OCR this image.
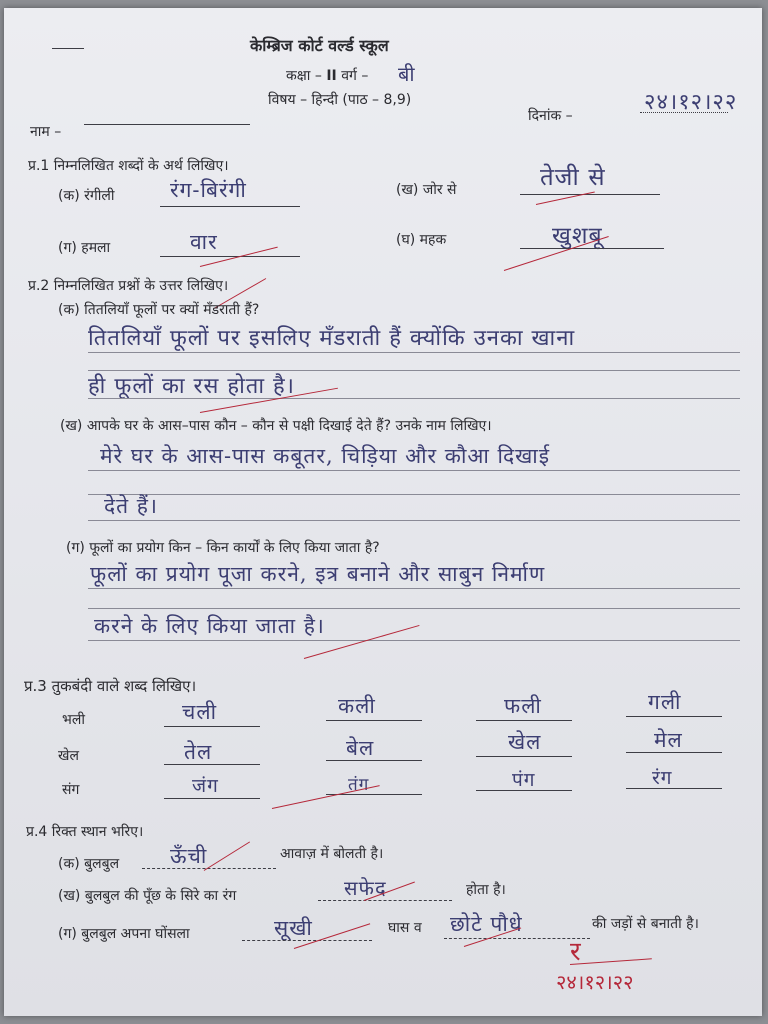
केम्ब्रिज कोर्ट वर्ल्ड स्कूल
कक्षा – II वर्ग – बी
विषय – हिन्दी (पाठ – 8,9)
दिनांक –
२४।१२।२२
नाम –
प्र.1 निम्नलिखित शब्दों के अर्थ लिखिए।
(क) रंगीली	रंग-बिरंगी	(ख) जोर से	तेजी से
(ग) हमला	वार	(घ) महक	खुशबू
प्र.2 निम्नलिखित प्रश्नों के उत्तर लिखिए।
(क) तितलियाँ फूलों पर क्यों मँडराती हैं?
तितलियाँ फूलों पर इसलिए मँडराती हैं क्योंकि उनका खाना
ही फूलों का रस होता है।
(ख) आपके घर के आस–पास कौन – कौन से पक्षी दिखाई देते हैं? उनके नाम लिखिए।
मेरे घर के आस-पास कबूतर, चिड़िया और कौआ दिखाई
देते हैं।
(ग) फूलों का प्रयोग किन – किन कार्यों के लिए किया जाता है?
फूलों का प्रयोग पूजा करने, इत्र बनाने और साबुन निर्माण
करने के लिए किया जाता है।
प्र.3 तुकबंदी वाले शब्द लिखिए।
भली	चली	कली	फली	गली
खेल	तेल	बेल	खेल	मेल
संग	जंग	तंग	पंग	रंग
प्र.4 रिक्त स्थान भरिए।
(क) बुलबुल ऊँची	आवाज़ में बोलती है।
(ख) बुलबुल की पूँछ के सिरे का रंग	सफेद	होता है।
(ग) बुलबुल अपना घोंसला	सूखी	घास व छोटे पौधे	की जड़ों से बनाती है।
र
२४।१२।२२
